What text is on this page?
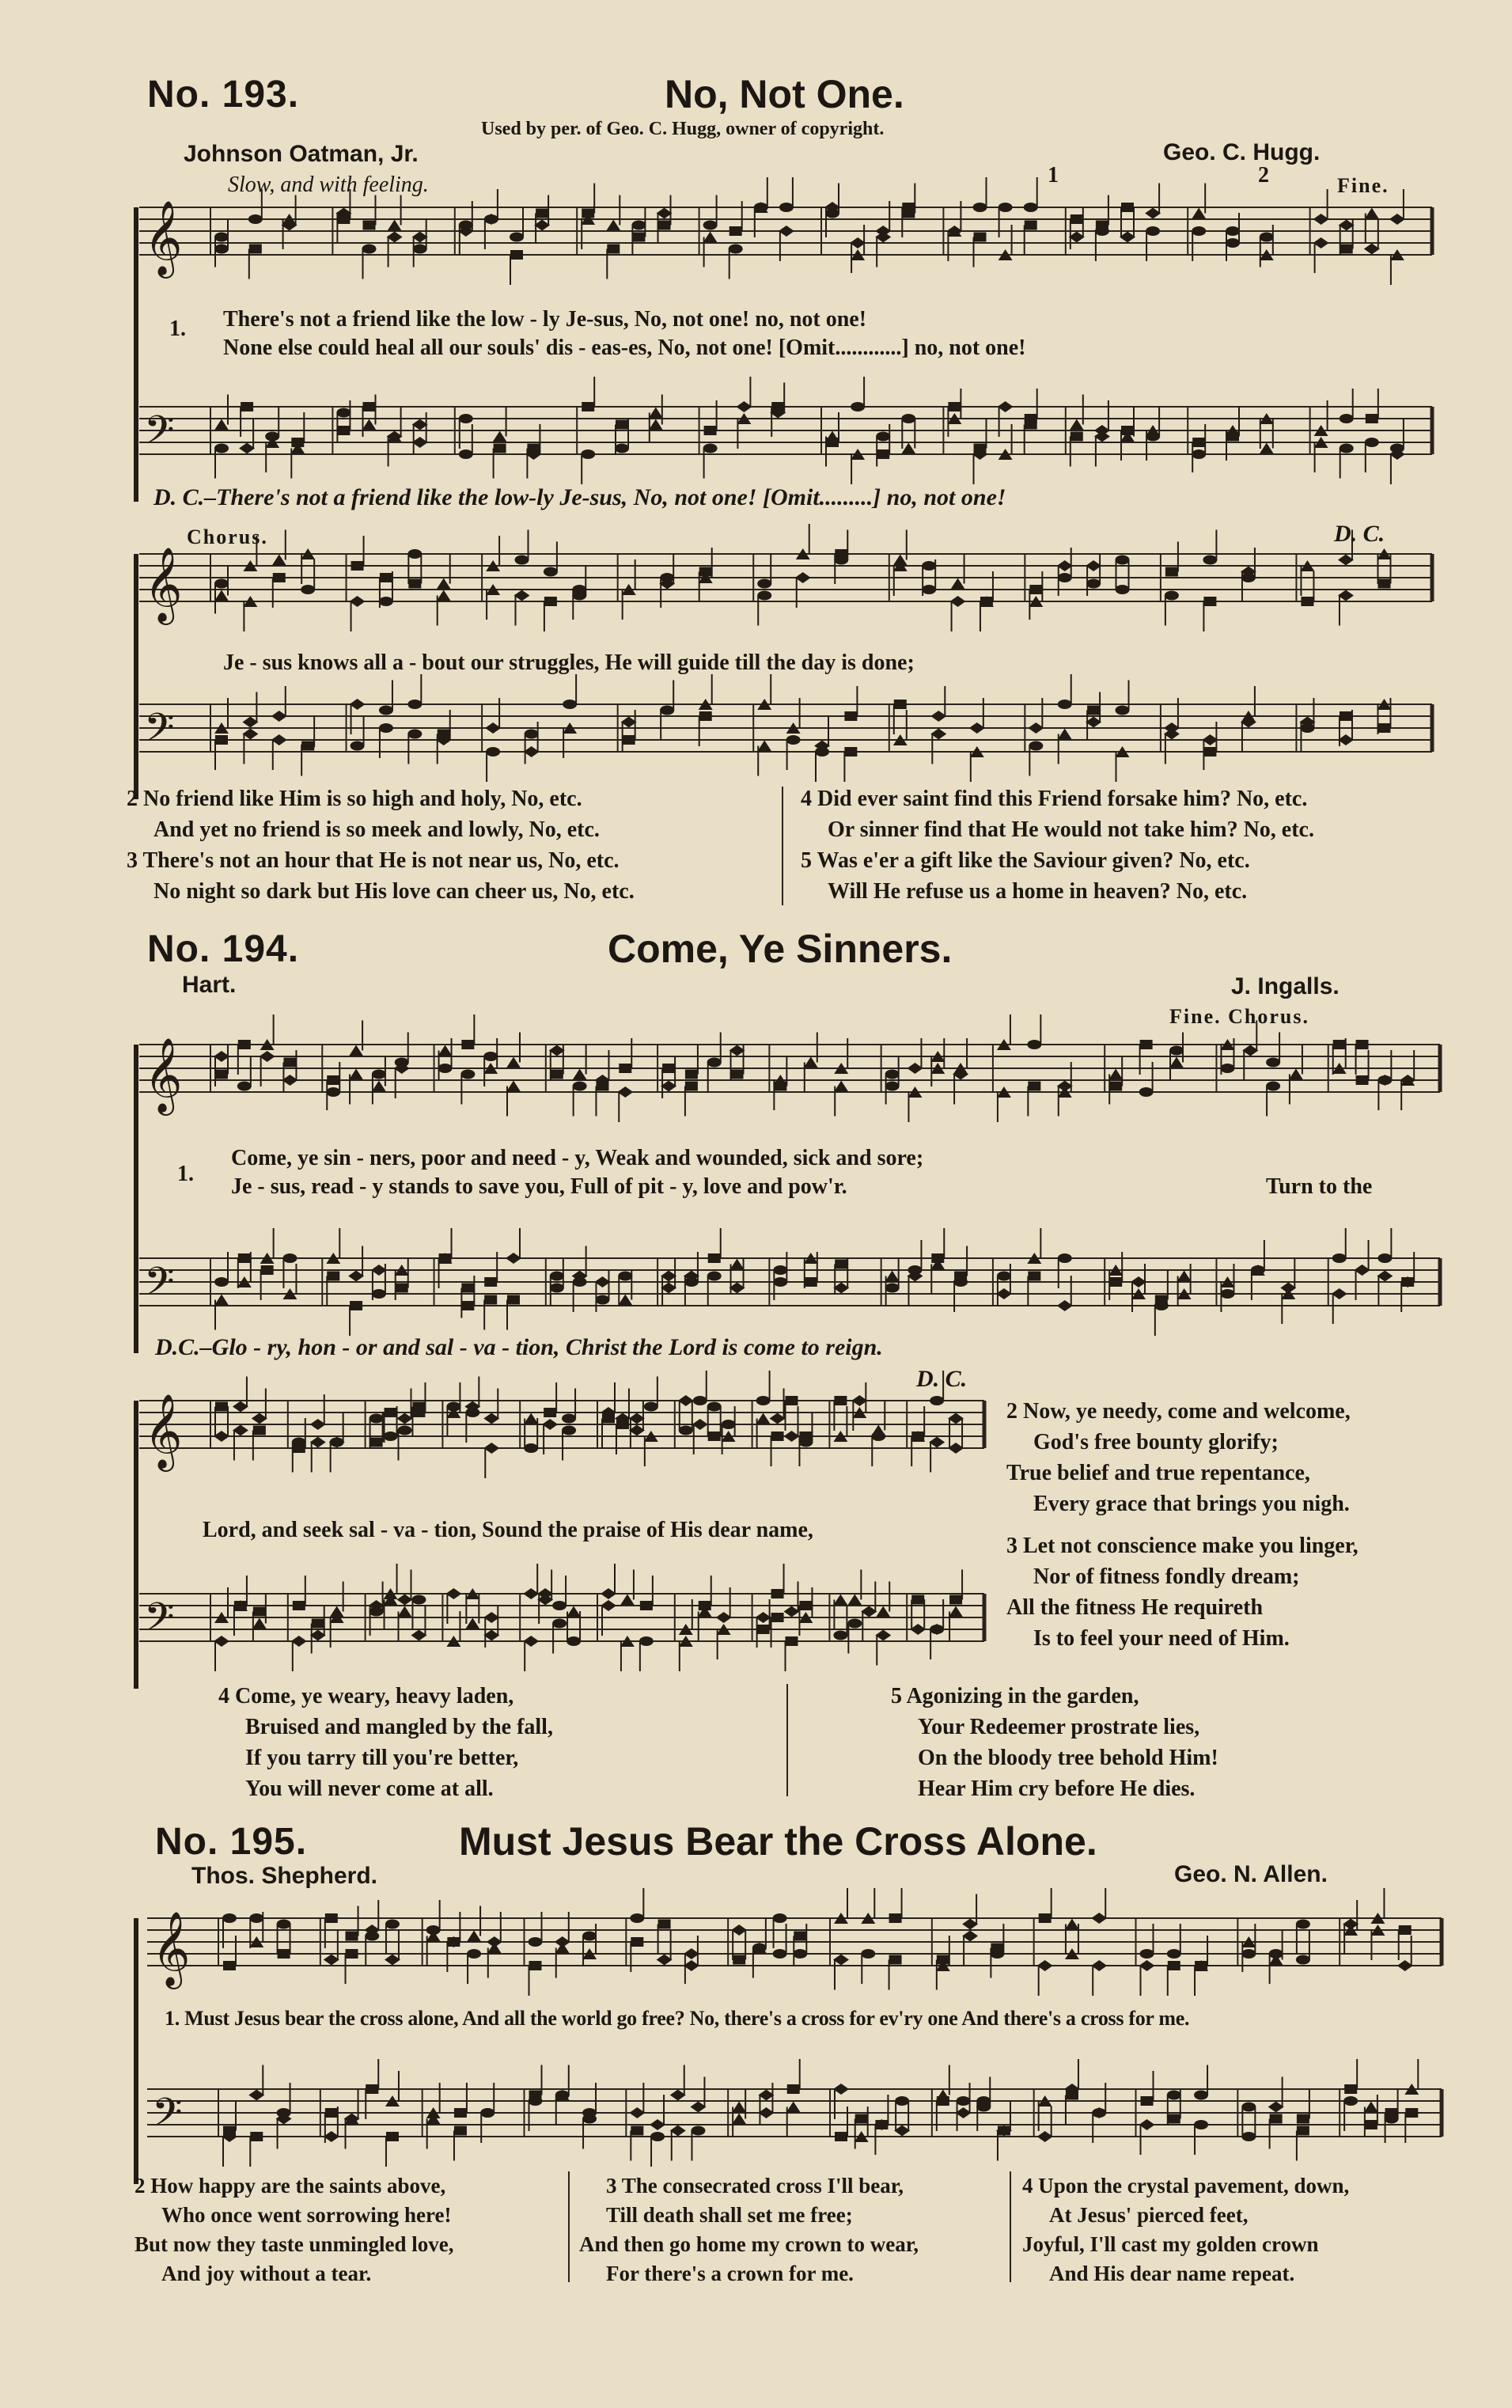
𝄞
𝄢
𝄞
𝄢
𝄞
𝄢
𝄞
𝄢
𝄞
𝄢
No. 193.	No, Not One.
Used by per. of Geo. C. Hugg, owner of copyright.
Johnson Oatman, Jr.	Geo. C. Hugg.
Slow, and with feeling.	1	2	Fine.
1. There's not a friend like the low - ly Je-sus, No, not one! no, not one!
None else could heal all our souls' dis - eas-es, No, not one! [Omit............] no, not one!
D. C.–There's not a friend like the low-ly Je-sus, No, not one! [Omit.........] no, not one!
Chorus.	D. C.
Je - sus knows all a - bout our struggles, He will guide till the day is done;
2 No friend like Him is so high and holy, No, etc.
And yet no friend is so meek and lowly, No, etc.
3 There's not an hour that He is not near us, No, etc.
No night so dark but His love can cheer us, No, etc.
4 Did ever saint find this Friend forsake him? No, etc.
Or sinner find that He would not take him? No, etc.
5 Was e'er a gift like the Saviour given? No, etc.
Will He refuse us a home in heaven? No, etc.
No. 194.	Come, Ye Sinners.
Hart.	J. Ingalls.
Fine. Chorus.
1.
Come, ye sin - ners, poor and need - y, Weak and wounded, sick and sore;
Je - sus, read - y stands to save you, Full of pit - y, love and pow'r.	Turn to the
D.C.–Glo - ry, hon - or and sal - va - tion, Christ the Lord is come to reign.
D. C.
Lord, and seek sal - va - tion, Sound the praise of His dear name,
2 Now, ye needy, come and welcome,
God's free bounty glorify;
True belief and true repentance,
Every grace that brings you nigh.
3 Let not conscience make you linger,
Nor of fitness fondly dream;
All the fitness He requireth
Is to feel your need of Him.
4 Come, ye weary, heavy laden,
Bruised and mangled by the fall,
If you tarry till you're better,
You will never come at all.
5 Agonizing in the garden,
Your Redeemer prostrate lies,
On the bloody tree behold Him!
Hear Him cry before He dies.
No. 195.	Must Jesus Bear the Cross Alone.
Thos. Shepherd.	Geo. N. Allen.
1. Must Jesus bear the cross alone, And all the world go free? No, there's a cross for ev'ry one And there's a cross for me.
2 How happy are the saints above,
Who once went sorrowing here!
But now they taste unmingled love,
And joy without a tear.
3 The consecrated cross I'll bear,
Till death shall set me free;
And then go home my crown to wear,
For there's a crown for me.
4 Upon the crystal pavement, down,
At Jesus' pierced feet,
Joyful, I'll cast my golden crown
And His dear name repeat.
